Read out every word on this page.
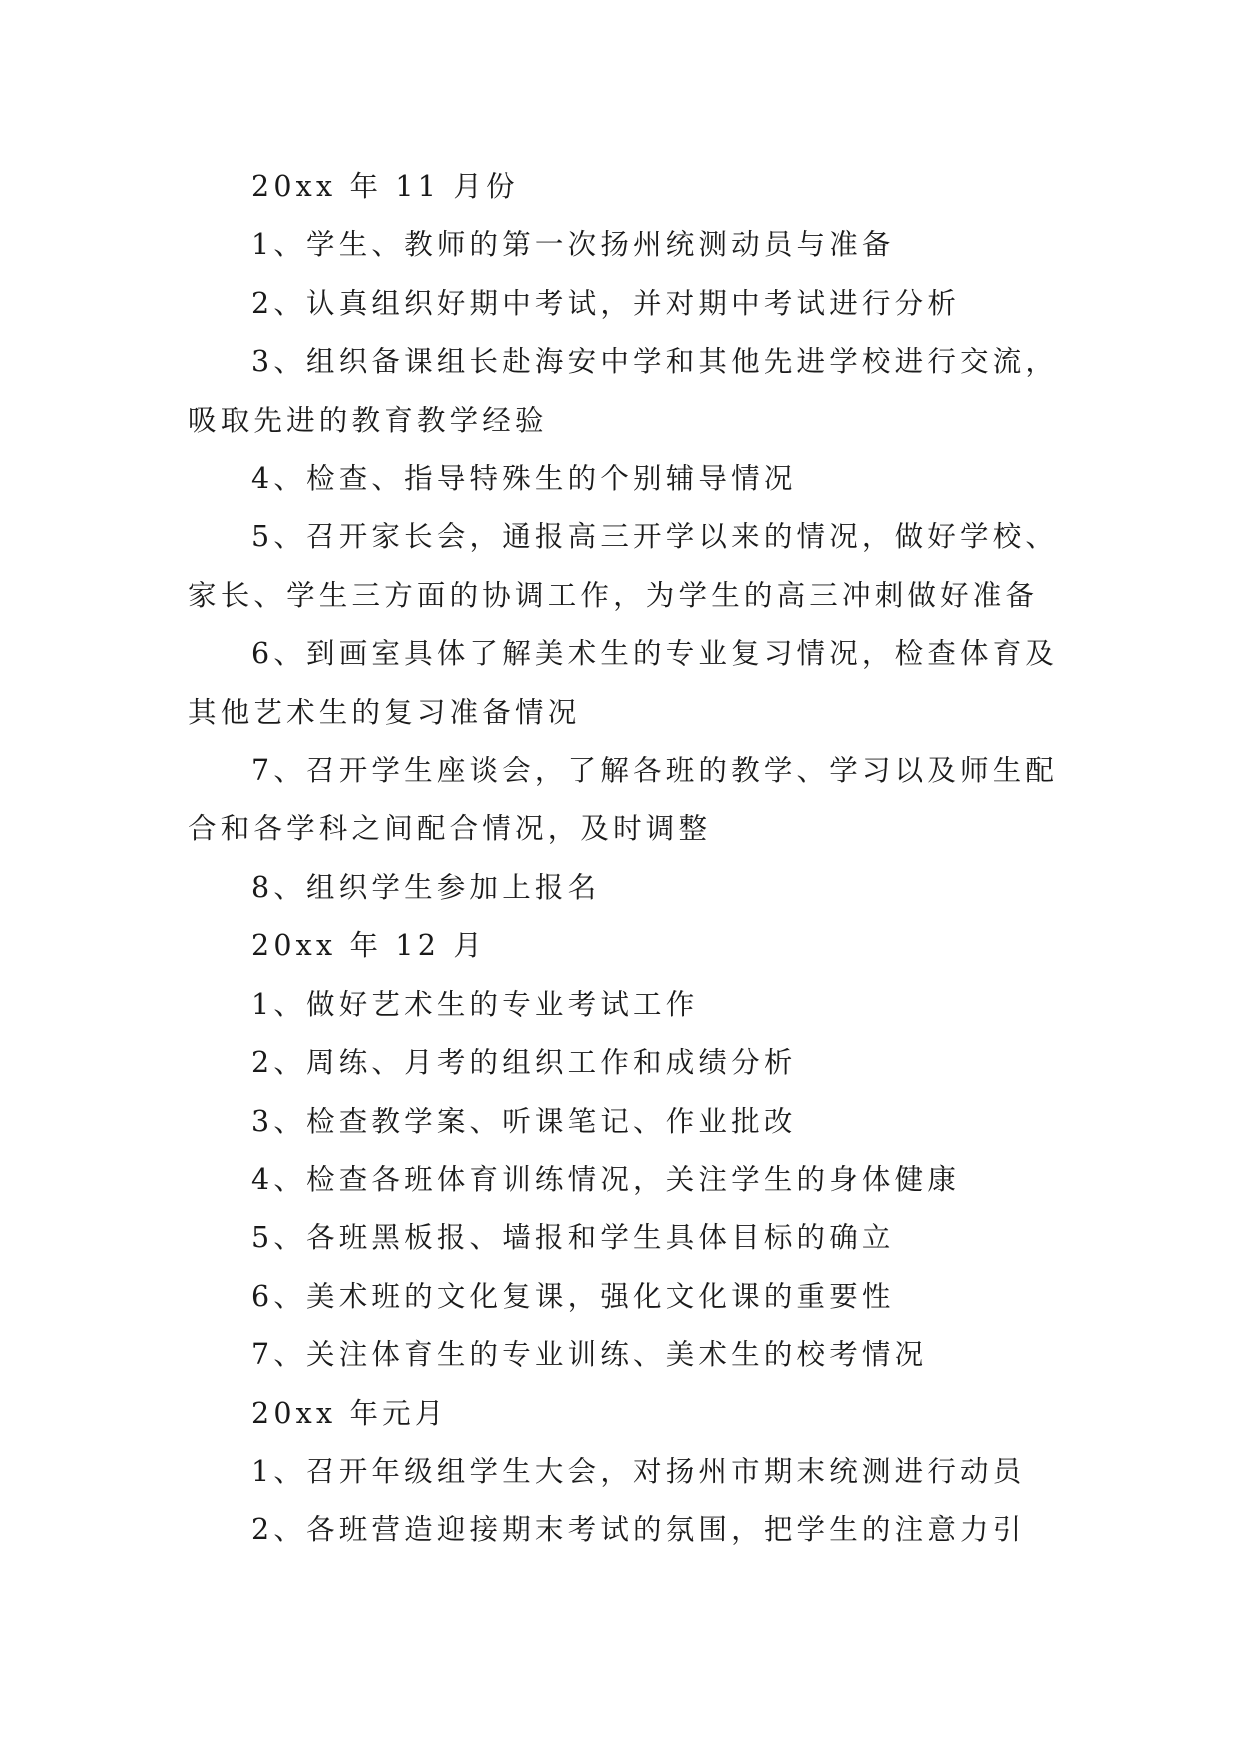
20xx 年 11 月份

1、学生、教师的第一次扬州统测动员与准备

2、认真组织好期中考试，并对期中考试进行分析

3、组织备课组长赴海安中学和其他先进学校进行交流，吸取先进的教育教学经验

4、检查、指导特殊生的个别辅导情况

5、召开家长会，通报高三开学以来的情况，做好学校、家长、学生三方面的协调工作，为学生的高三冲刺做好准备

6、到画室具体了解美术生的专业复习情况，检查体育及其他艺术生的复习准备情况

7、召开学生座谈会，了解各班的教学、学习以及师生配合和各学科之间配合情况，及时调整

8、组织学生参加上报名

20xx 年 12 月

1、做好艺术生的专业考试工作

2、周练、月考的组织工作和成绩分析

3、检查教学案、听课笔记、作业批改

4、检查各班体育训练情况，关注学生的身体健康

5、各班黑板报、墙报和学生具体目标的确立

6、美术班的文化复课，强化文化课的重要性

7、关注体育生的专业训练、美术生的校考情况

20xx 年元月

1、召开年级组学生大会，对扬州市期末统测进行动员

2、各班营造迎接期末考试的氛围，把学生的注意力引
